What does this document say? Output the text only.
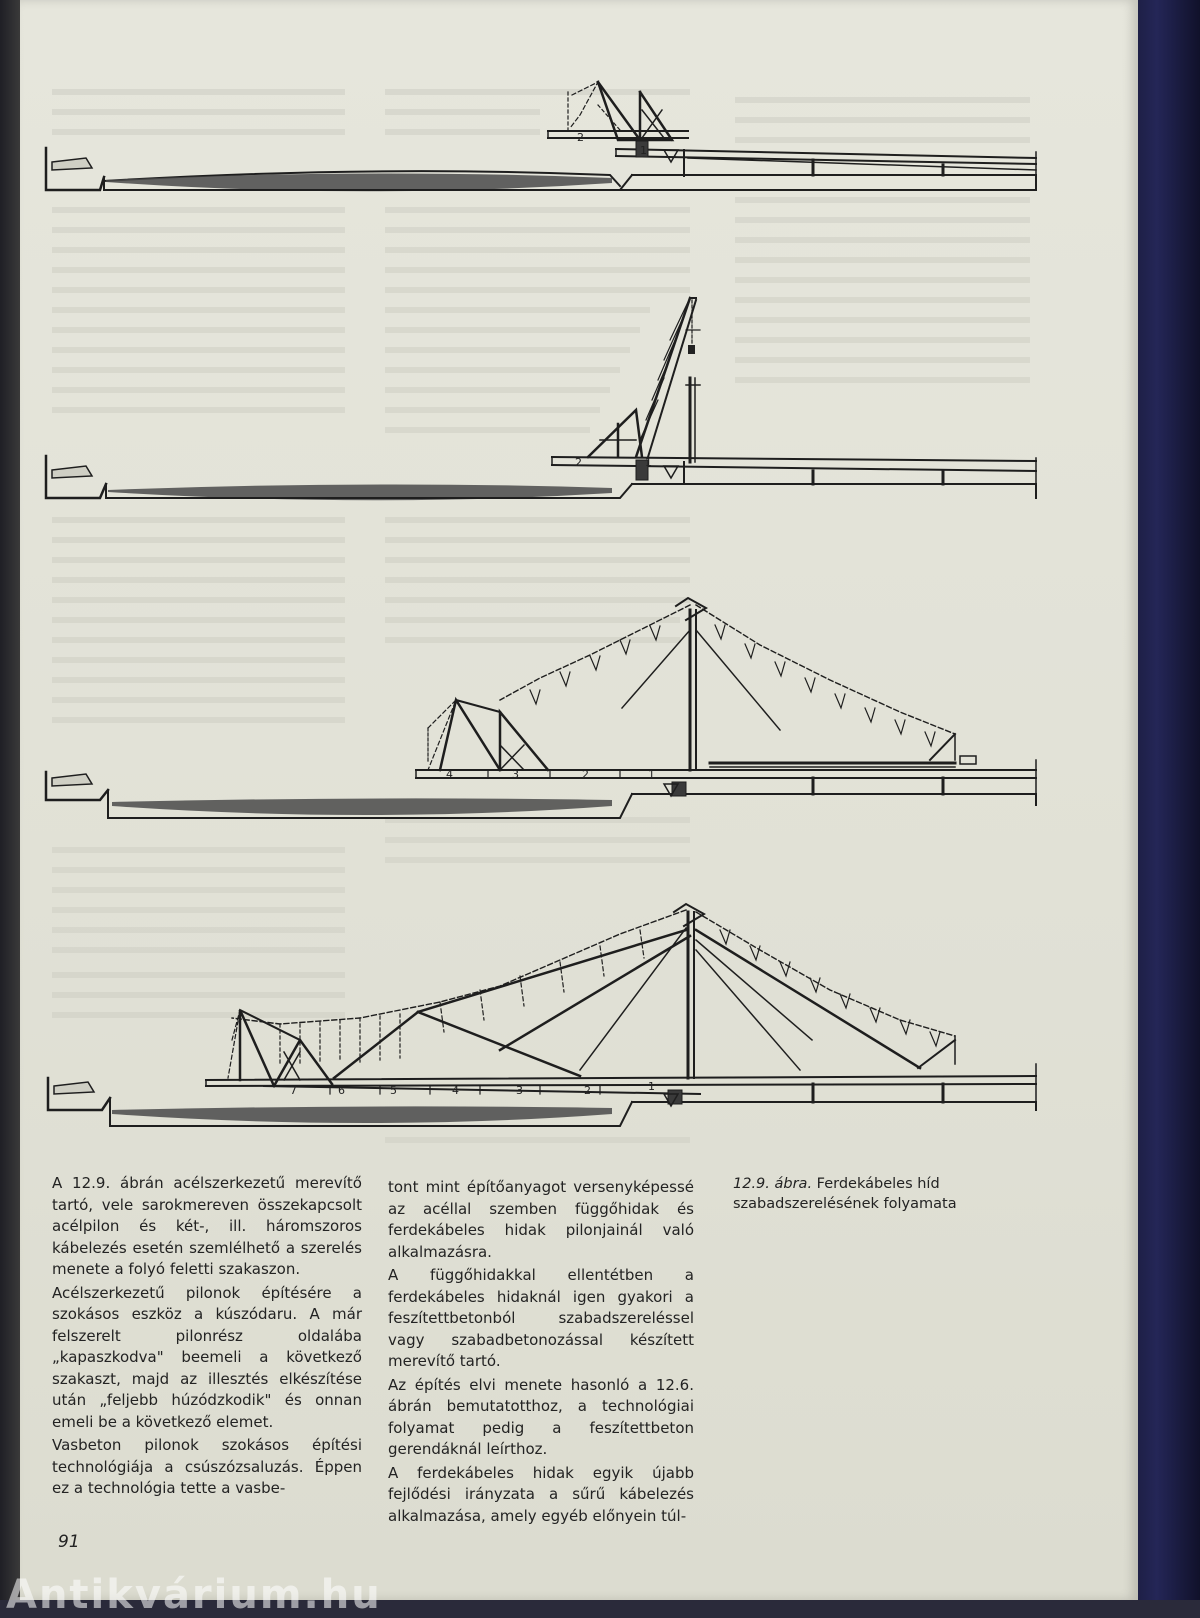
2
1
2	1
4	3	2	1
7	6	5	4	3	2	1

A 12.9. ábrán acélszerkezetű merevítő tartó, vele sarokmereven összekapcsolt acélpilon és két-, ill. háromszoros kábelezés esetén szemlélhető a szerelés menete a folyó feletti szakaszon.

Acélszerkezetű pilonok építésére a szokásos eszköz a kúszódaru. A már felszerelt pilonrész oldalába „kapaszkodva" beemeli a következő szakaszt, majd az illesztés elkészítése után „feljebb húzódzkodik" és onnan emeli be a következő elemet.

Vasbeton pilonok szokásos építési technológiája a csúszózsaluzás. Éppen ez a technológia tette a vasbe-

tont mint építőanyagot versenyképessé az acéllal szemben függőhidak és ferdekábeles hidak pilonjainál való alkalmazásra.

A függőhidakkal ellentétben a ferdekábeles hidaknál igen gyakori a feszítettbetonból szabadszereléssel vagy szabadbetonozással készített merevítő tartó.

Az építés elvi menete hasonló a 12.6. ábrán bemutatotthoz, a technológiai folyamat pedig a feszítettbeton gerendáknál leírthoz.

A ferdekábeles hidak egyik újabb fejlődési irányzata a sűrű kábelezés alkalmazása, amely egyéb előnyein túl-

12.9. ábra. Ferdekábeles híd szabadszerelésének folyamata
91
Antikvárium.hu
